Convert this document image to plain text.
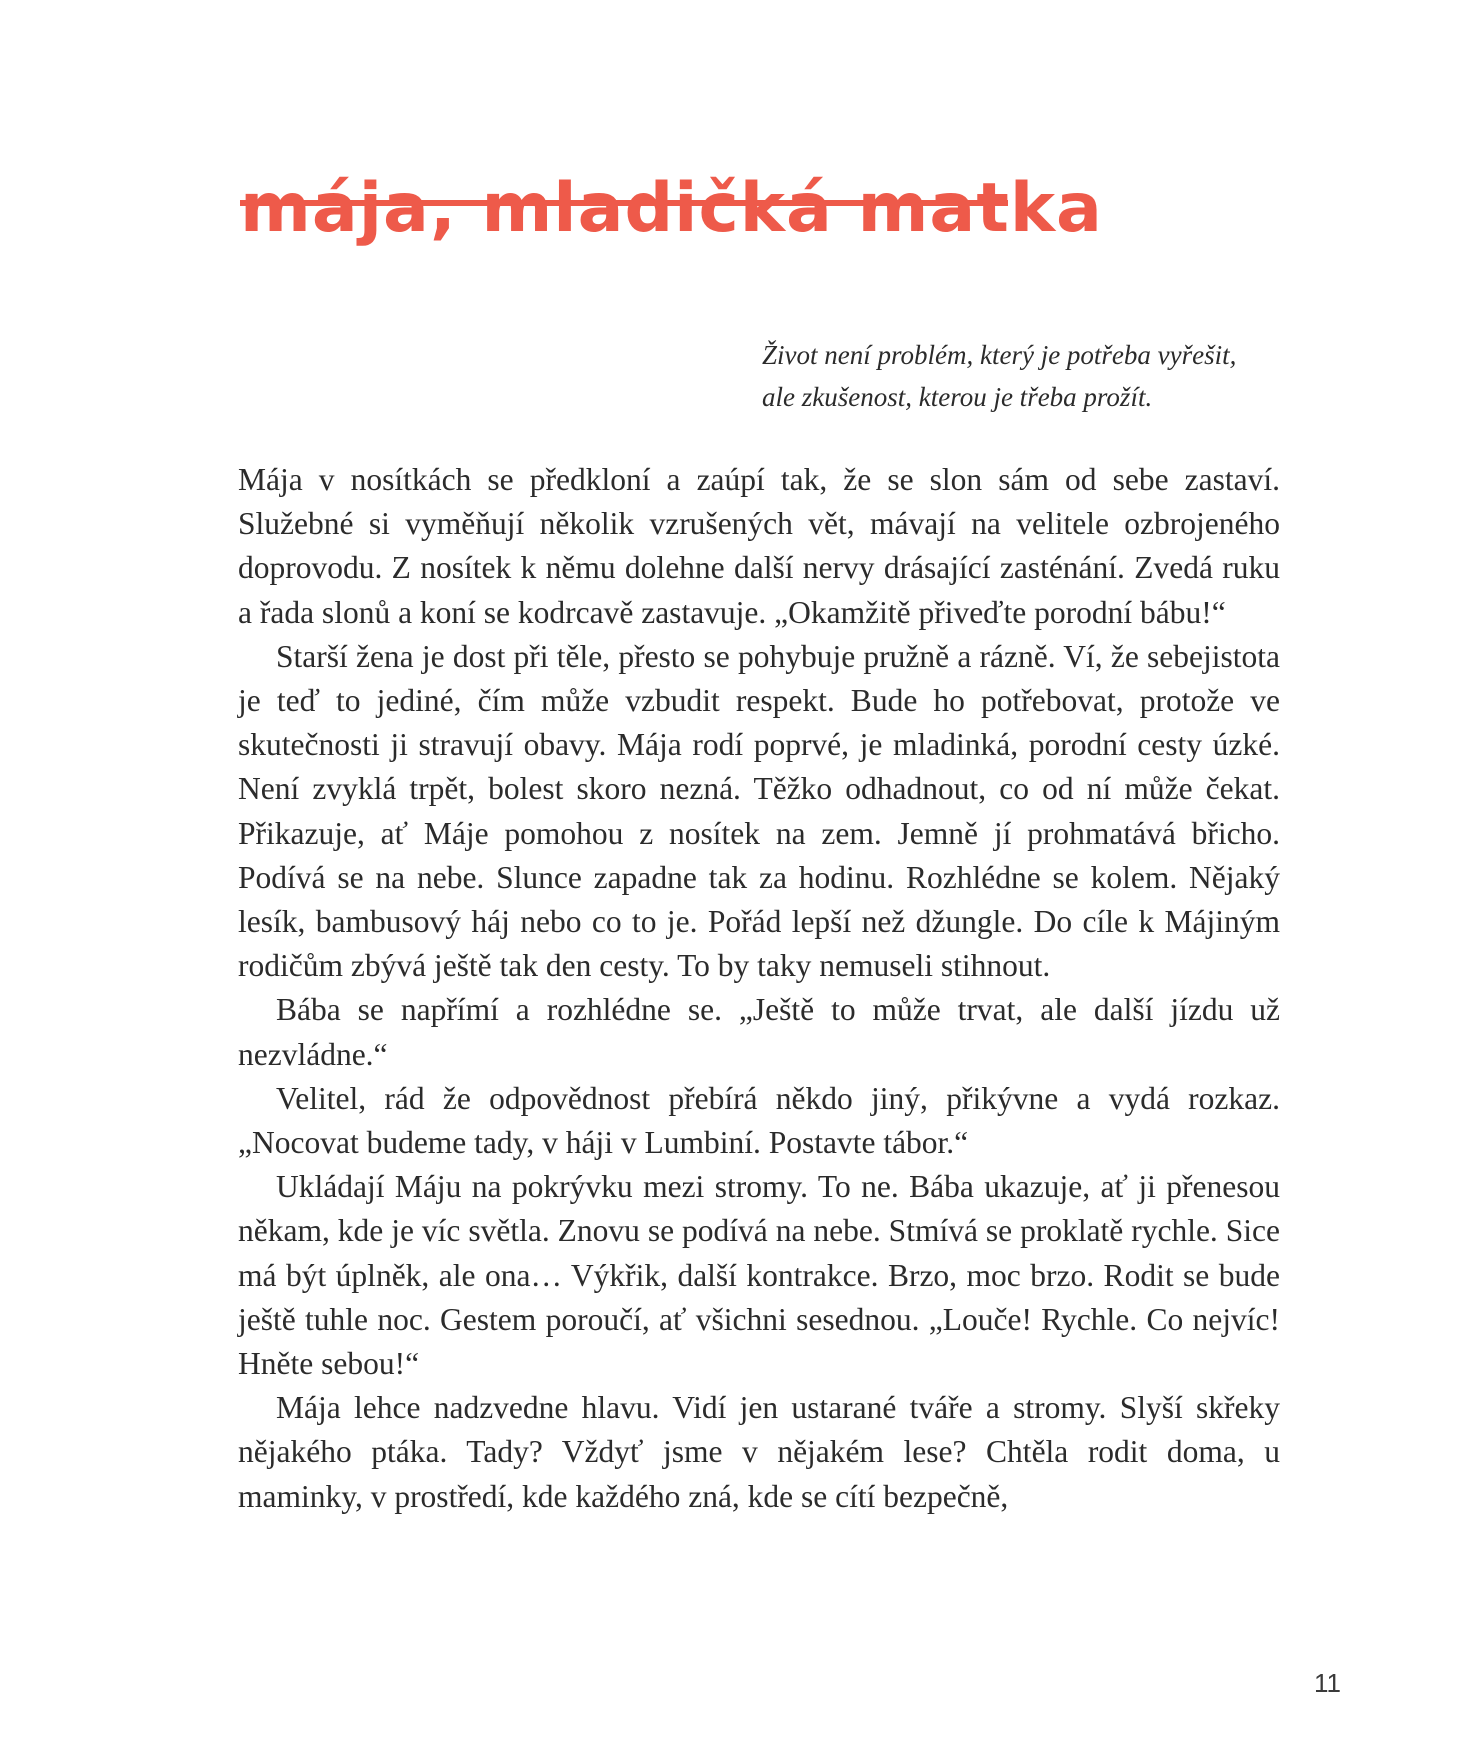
mája, mladičká matka
Život není problém, který je potřeba vyřešit,
ale zkušenost, kterou je třeba prožít.

Mája v nosítkách se předkloní a zaúpí tak, že se slon sám od sebe zastaví. Služebné si vyměňují několik vzrušených vět, mávají na velitele ozbrojeného doprovodu. Z nosítek k němu dolehne další nervy drásající zasténání. Zvedá ruku a řada slonů a koní se kodrcavě zastavuje. „Okamžitě přiveďte porodní bábu!“

Starší žena je dost při těle, přesto se pohybuje pružně a rázně. Ví, že sebejistota je teď to jediné, čím může vzbudit respekt. Bude ho potřebovat, protože ve skutečnosti ji stravují obavy. Mája rodí poprvé, je mladinká, porodní cesty úzké. Není zvyklá trpět, bolest skoro nezná. Těžko odhadnout, co od ní může čekat. Přikazuje, ať Máje pomohou z nosítek na zem. Jemně jí prohmatává břicho. Podívá se na nebe. Slunce zapadne tak za hodinu. Rozhlédne se kolem. Nějaký lesík, bambusový háj nebo co to je. Pořád lepší než džungle. Do cíle k Májiným rodičům zbývá ještě tak den cesty. To by taky nemuseli stihnout.

Bába se napřímí a rozhlédne se. „Ještě to může trvat, ale další jízdu už nezvládne.“

Velitel, rád že odpovědnost přebírá někdo jiný, přikývne a vydá rozkaz. „Nocovat budeme tady, v háji v Lumbiní. Postavte tábor.“

Ukládají Máju na pokrývku mezi stromy. To ne. Bába ukazuje, ať ji přenesou někam, kde je víc světla. Znovu se podívá na nebe. Stmívá se proklatě rychle. Sice má být úplněk, ale ona… Výkřik, další kontrakce. Brzo, moc brzo. Rodit se bude ještě tuhle noc. Gestem poroučí, ať všichni sesednou. „Louče! Rychle. Co nejvíc! Hněte sebou!“

Mája lehce nadzvedne hlavu. Vidí jen ustarané tváře a stromy. Slyší skřeky nějakého ptáka. Tady? Vždyť jsme v nějakém lese? Chtěla rodit doma, u maminky, v prostředí, kde každého zná, kde se cítí bezpečně,

11
